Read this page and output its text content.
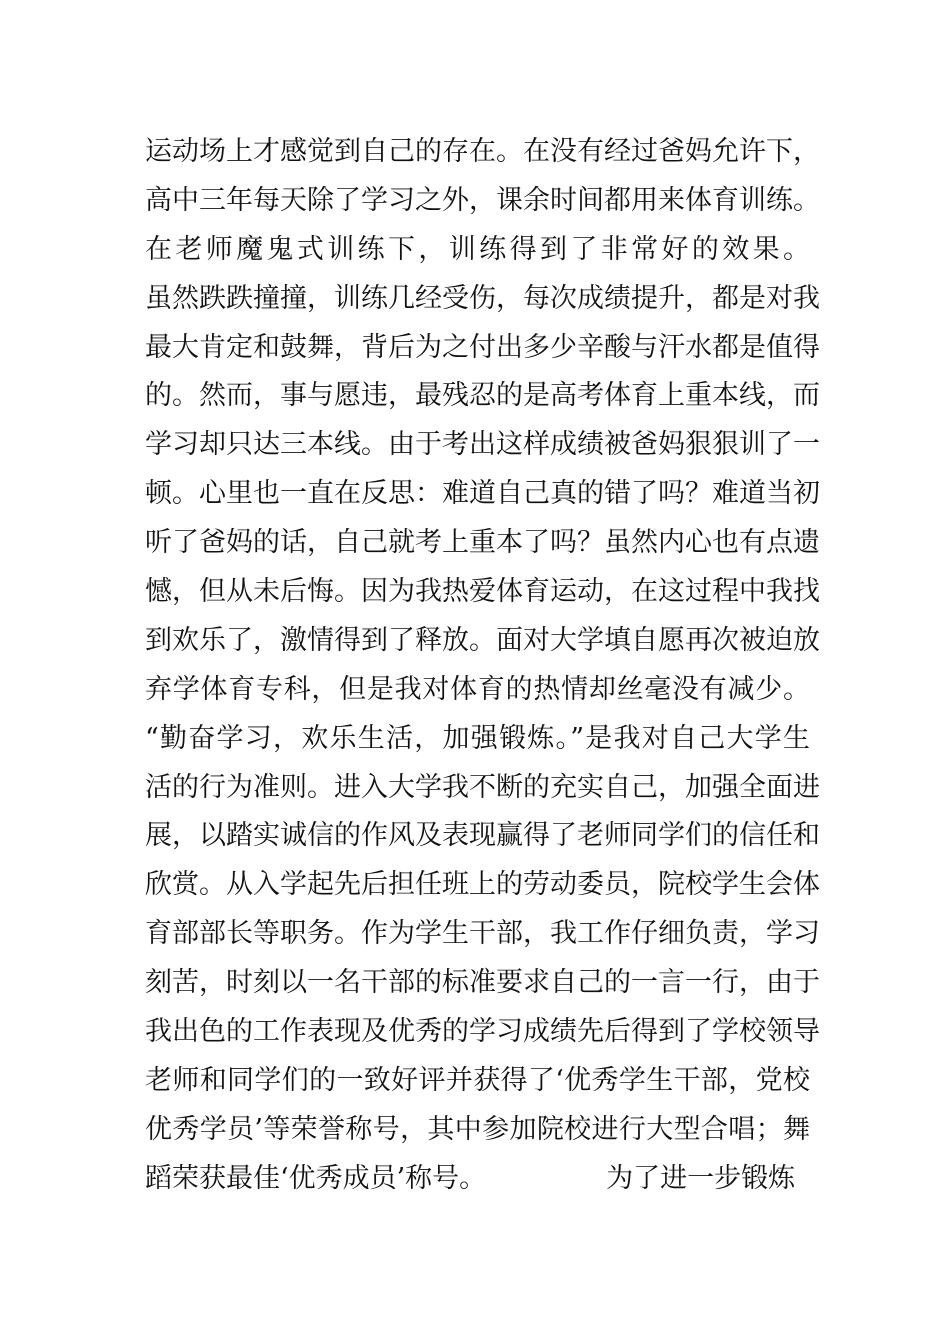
运动场上才感觉到自己的存在。在没有经过爸妈允许下，
高中三年每天除了学习之外，课余时间都用来体育训练。
在老师魔鬼式训练下，训练得到了非常好的效果。
虽然跌跌撞撞，训练几经受伤，每次成绩提升，都是对我
最大肯定和鼓舞，背后为之付出多少辛酸与汗水都是值得
的。然而，事与愿违，最残忍的是高考体育上重本线，而
学习却只达三本线。由于考出这样成绩被爸妈狠狠训了一
顿。心里也一直在反思：难道自己真的错了吗？难道当初
听了爸妈的话，自己就考上重本了吗？虽然内心也有点遗
憾，但从未后悔。因为我热爱体育运动，在这过程中我找
到欢乐了，激情得到了释放。面对大学填自愿再次被迫放
弃学体育专科，但是我对体育的热情却丝毫没有减少。
“勤奋学习，欢乐生活，加强锻炼。”是我对自己大学生
活的行为准则。进入大学我不断的充实自己，加强全面进
展，以踏实诚信的作风及表现赢得了老师同学们的信任和
欣赏。从入学起先后担任班上的劳动委员，院校学生会体
育部部长等职务。作为学生干部，我工作仔细负责，学习
刻苦，时刻以一名干部的标准要求自己的一言一行，由于
我出色的工作表现及优秀的学习成绩先后得到了学校领导
老师和同学们的一致好评并获得了‘优秀学生干部，党校
优秀学员’等荣誉称号，其中参加院校进行大型合唱；舞
蹈荣获最佳‘优秀成员’称号。	为了进一步锻炼
